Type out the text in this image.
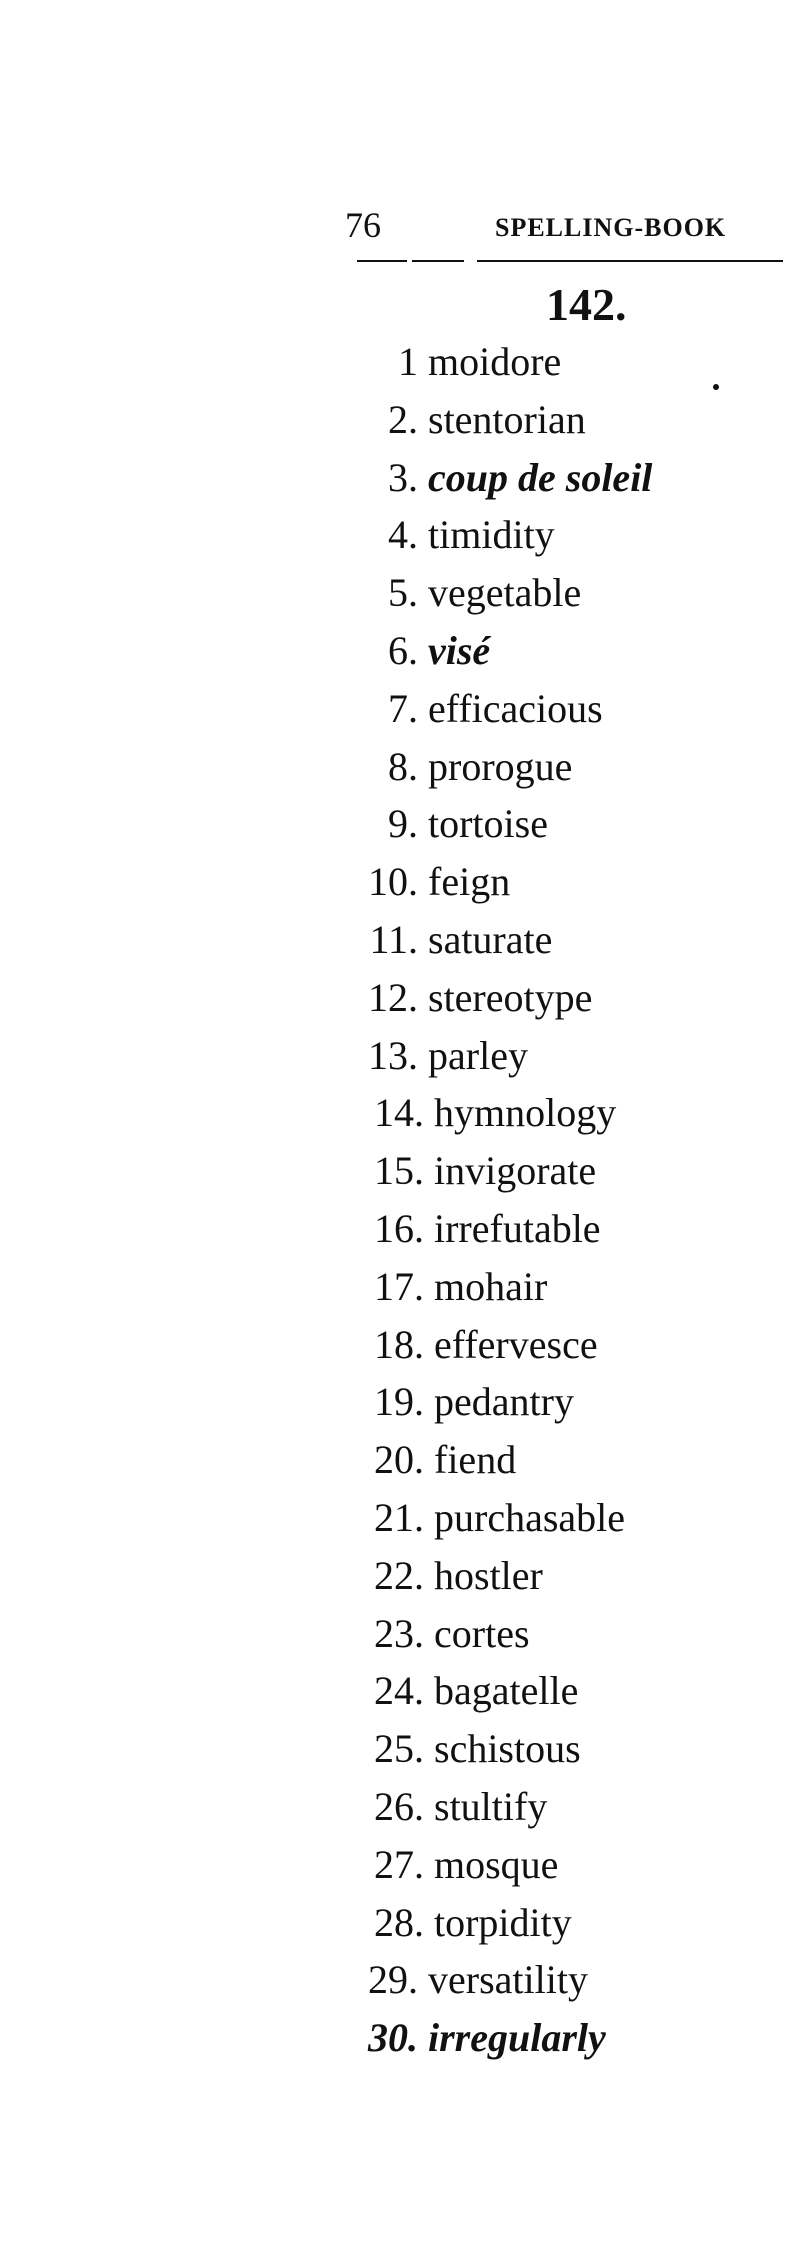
76	SPELLING-BOOK
142.
1 moidore
2. stentorian
3. coup de soleil
4. timidity
5. vegetable
6. visé
7. efficacious
8. prorogue
9. tortoise
10. feign
11. saturate
12. stereotype
13. parley
14. hymnology
15. invigorate
16. irrefutable
17. mohair
18. effervesce
19. pedantry
20. fiend
21. purchasable
22. hostler
23. cortes
24. bagatelle
25. schistous
26. stultify
27. mosque
28. torpidity
29. versatility
30. irregularly
